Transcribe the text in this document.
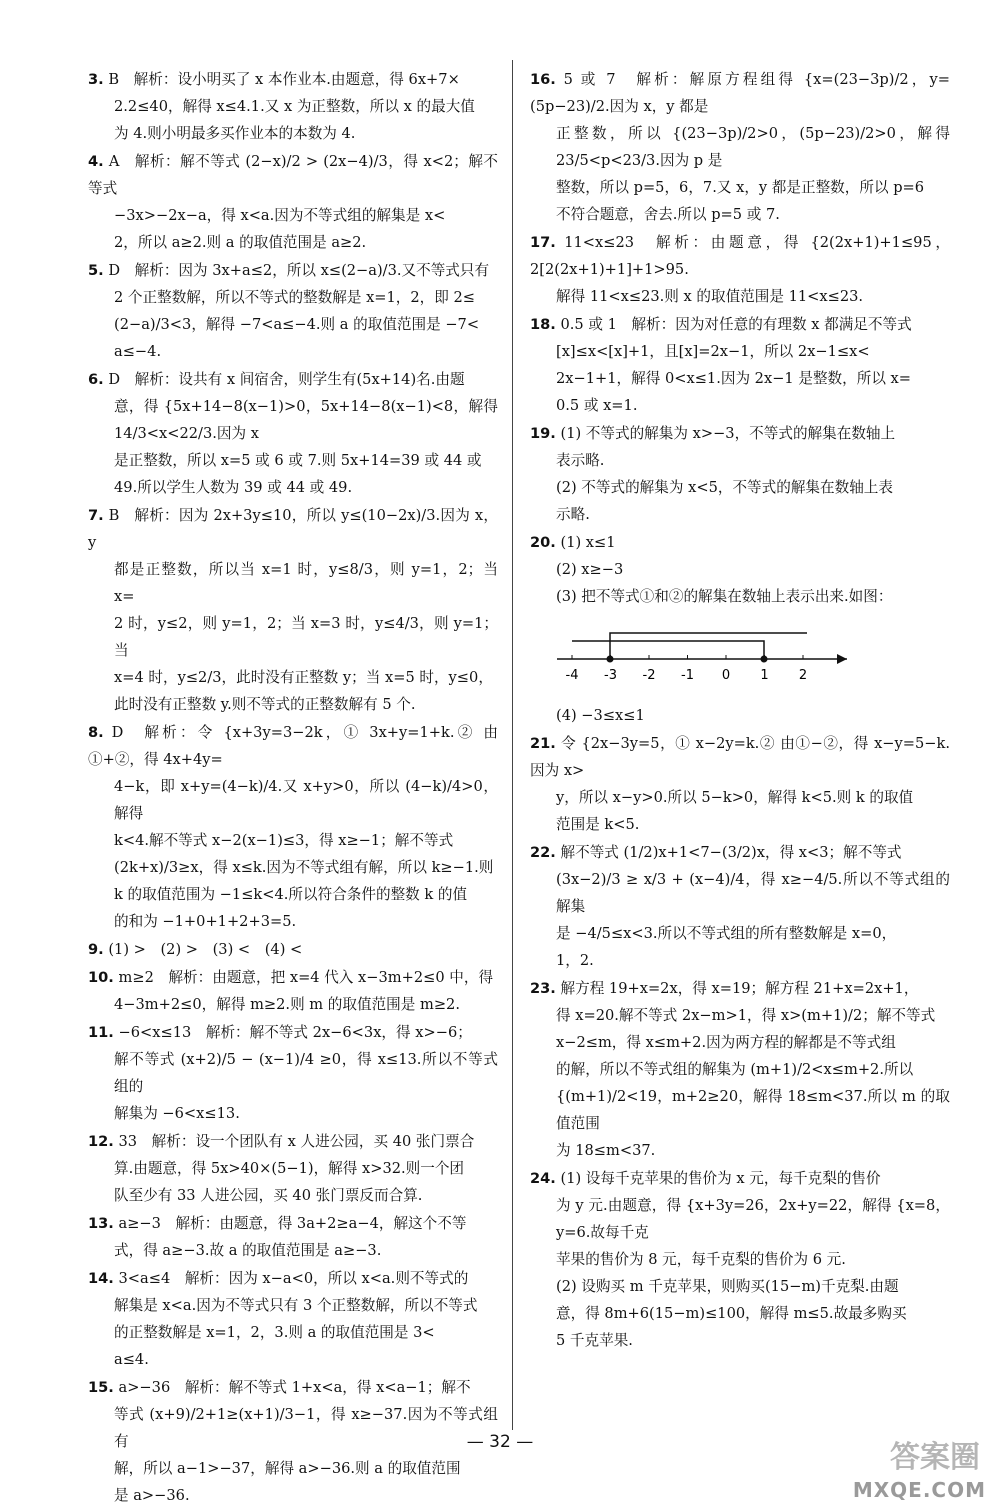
3. B　解析：设小明买了 x 本作业本.由题意，得 6x+7×
2.2≤40，解得 x≤4.1.又 x 为正整数，所以 x 的最大值
为 4.则小明最多买作业本的本数为 4.
4. A　解析：解不等式 (2−x)/2 > (2x−4)/3，得 x<2；解不等式
−3x>−2x−a，得 x<a.因为不等式组的解集是 x<
2，所以 a≥2.则 a 的取值范围是 a≥2.
5. D　解析：因为 3x+a≤2，所以 x≤(2−a)/3.又不等式只有
2 个正整数解，所以不等式的整数解是 x=1，2，即 2≤
(2−a)/3<3，解得 −7<a≤−4.则 a 的取值范围是 −7<
a≤−4.
6. D　解析：设共有 x 间宿舍，则学生有(5x+14)名.由题
意，得 {5x+14−8(x−1)>0，5x+14−8(x−1)<8，解得 14/3<x<22/3.因为 x
是正整数，所以 x=5 或 6 或 7.则 5x+14=39 或 44 或
49.所以学生人数为 39 或 44 或 49.
7. B　解析：因为 2x+3y≤10，所以 y≤(10−2x)/3.因为 x，y
都是正整数，所以当 x=1 时，y≤8/3，则 y=1，2；当 x=
2 时，y≤2，则 y=1，2；当 x=3 时，y≤4/3，则 y=1；当
x=4 时，y≤2/3，此时没有正整数 y；当 x=5 时，y≤0，
此时没有正整数 y.则不等式的正整数解有 5 个.
8. D　解析：令 {x+3y=3−2k，① 3x+y=1+k.② 由①+②，得 4x+4y=
4−k，即 x+y=(4−k)/4.又 x+y>0，所以 (4−k)/4>0，解得
k<4.解不等式 x−2(x−1)≤3，得 x≥−1；解不等式
(2k+x)/3≥x，得 x≤k.因为不等式组有解，所以 k≥−1.则
k 的取值范围为 −1≤k<4.所以符合条件的整数 k 的值
的和为 −1+0+1+2+3=5.
9. (1) >　(2) >　(3) <　(4) <
10. m≥2　解析：由题意，把 x=4 代入 x−3m+2≤0 中，得
4−3m+2≤0，解得 m≥2.则 m 的取值范围是 m≥2.
11. −6<x≤13　解析：解不等式 2x−6<3x，得 x>−6；
解不等式 (x+2)/5 − (x−1)/4 ≥0，得 x≤13.所以不等式组的
解集为 −6<x≤13.
12. 33　解析：设一个团队有 x 人进公园，买 40 张门票合
算.由题意，得 5x>40×(5−1)，解得 x>32.则一个团
队至少有 33 人进公园，买 40 张门票反而合算.
13. a≥−3　解析：由题意，得 3a+2≥a−4，解这个不等
式，得 a≥−3.故 a 的取值范围是 a≥−3.
14. 3<a≤4　解析：因为 x−a<0，所以 x<a.则不等式的
解集是 x<a.因为不等式只有 3 个正整数解，所以不等式
的正整数解是 x=1，2，3.则 a 的取值范围是 3<
a≤4.
15. a>−36　解析：解不等式 1+x<a，得 x<a−1；解不
等式 (x+9)/2+1≥(x+1)/3−1，得 x≥−37.因为不等式组有
解，所以 a−1>−37，解得 a>−36.则 a 的取值范围
是 a>−36.
16. 5 或 7　解析：解原方程组得 {x=(23−3p)/2，y=(5p−23)/2.因为 x，y 都是
正整数，所以 {(23−3p)/2>0，(5p−23)/2>0，解得 23/5<p<23/3.因为 p 是
整数，所以 p=5，6，7.又 x，y 都是正整数，所以 p=6
不符合题意，舍去.所以 p=5 或 7.
17. 11<x≤23　解析：由题意，得 {2(2x+1)+1≤95，2[2(2x+1)+1]+1>95.
解得 11<x≤23.则 x 的取值范围是 11<x≤23.
18. 0.5 或 1　解析：因为对任意的有理数 x 都满足不等式
[x]≤x<[x]+1，且[x]=2x−1，所以 2x−1≤x<
2x−1+1，解得 0<x≤1.因为 2x−1 是整数，所以 x=
0.5 或 x=1.
19. (1) 不等式的解集为 x>−3，不等式的解集在数轴上
表示略.
(2) 不等式的解集为 x<5，不等式的解集在数轴上表
示略.
20. (1) x≤1
(2) x≥−3
(3) 把不等式①和②的解集在数轴上表示出来.如图：
-4 -3 -2 -1 0 1 2
(4) −3≤x≤1
21. 令 {2x−3y=5，① x−2y=k.② 由①−②，得 x−y=5−k.因为 x>
y，所以 x−y>0.所以 5−k>0，解得 k<5.则 k 的取值
范围是 k<5.
22. 解不等式 (1/2)x+1<7−(3/2)x，得 x<3；解不等式
(3x−2)/3 ≥ x/3 + (x−4)/4，得 x≥−4/5.所以不等式组的解集
是 −4/5≤x<3.所以不等式组的所有整数解是 x=0，
1，2.
23. 解方程 19+x=2x，得 x=19；解方程 21+x=2x+1，
得 x=20.解不等式 2x−m>1，得 x>(m+1)/2；解不等式
x−2≤m，得 x≤m+2.因为两方程的解都是不等式组
的解，所以不等式组的解集为 (m+1)/2<x≤m+2.所以
{(m+1)/2<19，m+2≥20，解得 18≤m<37.所以 m 的取值范围
为 18≤m<37.
24. (1) 设每千克苹果的售价为 x 元，每千克梨的售价
为 y 元.由题意，得 {x+3y=26，2x+y=22，解得 {x=8，y=6.故每千克
苹果的售价为 8 元，每千克梨的售价为 6 元.
(2) 设购买 m 千克苹果，则购买(15−m)千克梨.由题
意，得 8m+6(15−m)≤100，解得 m≤5.故最多购买
5 千克苹果.
— 32 —	答案圈
MXQE.COM
